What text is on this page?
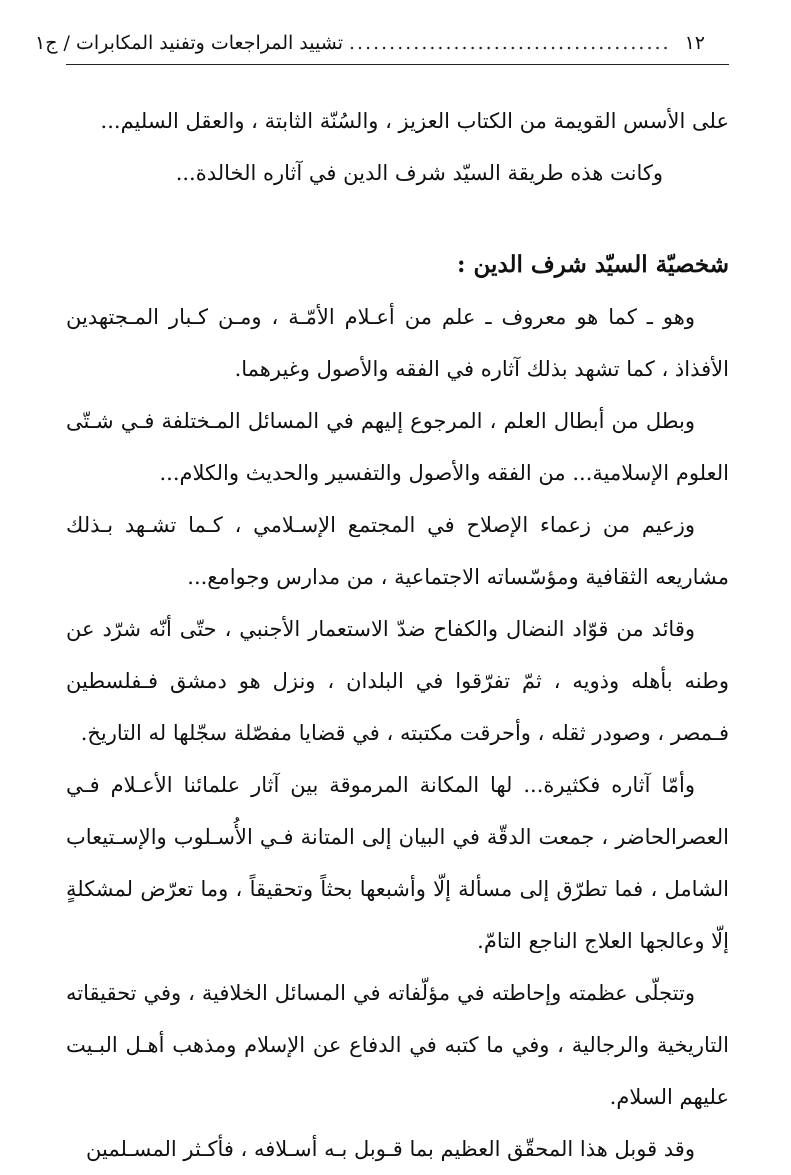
١٢
........................................
تشييد المراجعات وتفنيد المكابرات / ج١

على الأسس القويمة من الكتاب العزيز ، والسُنّة الثابتة ، والعقل السليم...

وكانت هذه طريقة السيّد شرف الدين في آثاره الخالدة...

شخصيّة السيّد شرف الدين :

وهو ـ كما هو معروف ـ علم من أعـلام الأمّـة ، ومـن كـبار المـجتهدين الأفذاذ ، كما تشهد بذلك آثاره في الفقه والأصول وغيرهما.

وبطل من أبطال العلم ، المرجوع إليهم في المسائل المـختلفة فـي شـتّى العلوم الإسلامية... من الفقه والأصول والتفسير والحديث والكلام...

وزعيم من زعماء الإصلاح في المجتمع الإسـلامي ، كـما تشـهد بـذلك مشاريعه الثقافية ومؤسّساته الاجتماعية ، من مدارس وجوامع...

وقائد من قوّاد النضال والكفاح ضدّ الاستعمار الأجنبي ، حتّى أنّه شرّد عن وطنه بأهله وذويه ، ثمّ تفرّقوا في البلدان ، ونزل هو دمشق فـفلسطين فـمصر ، وصودر ثقله ، وأحرقت مكتبته ، في قضايا مفصّلة سجّلها له التاريخ.

وأمّا آثاره فكثيرة... لها المكانة المرموقة بين آثار علمائنا الأعـلام فـي العصرالحاضر ، جمعت الدقّة في البيان إلى المتانة فـي الأُسـلوب والإسـتيعاب الشامل ، فما تطرّق إلى مسألة إلّا وأشبعها بحثاً وتحقيقاً ، وما تعرّض لمشكلةٍ إلّا وعالجها العلاج الناجع التامّ.

وتتجلّى عظمته وإحاطته في مؤلّفاته في المسائل الخلافية ، وفي تحقيقاته التاريخية والرجالية ، وفي ما كتبه في الدفاع عن الإسلام ومذهب أهـل البـيت عليهم السلام.

وقد قوبل هذا المحقّق العظيم بما قـوبل بـه أسـلافه ، فأكـثر المسـلمين
